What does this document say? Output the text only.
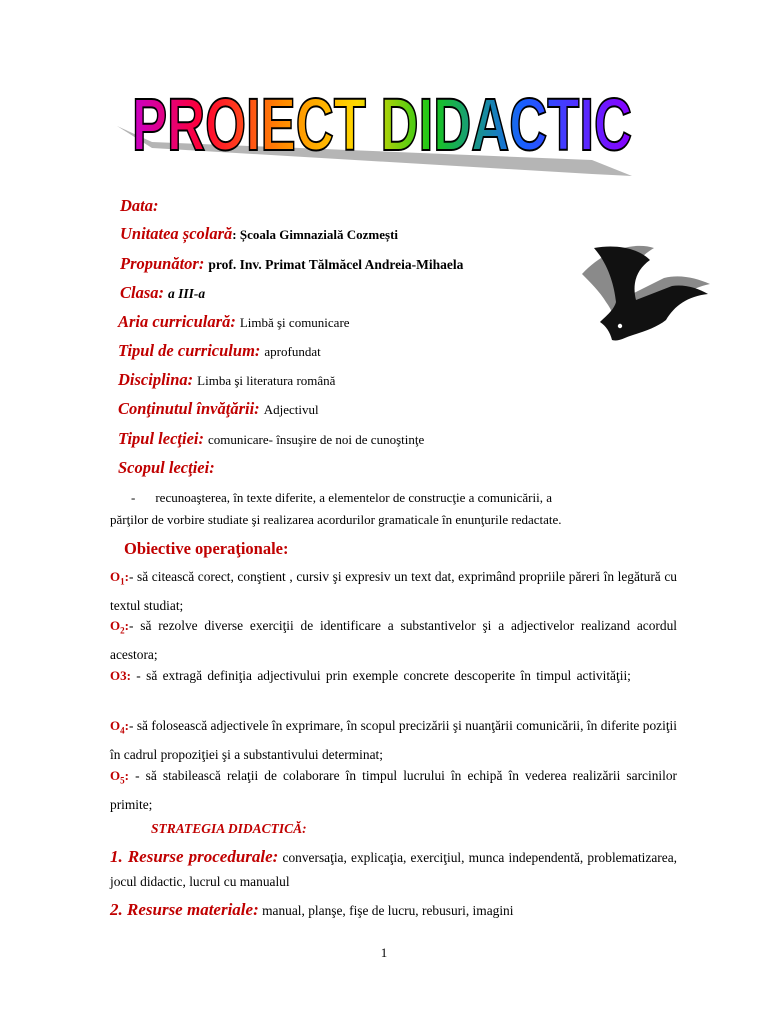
PROIECT DIDACTIC
Data:
Unitatea școlară: Școala Gimnazială Cozmești
Propunător: prof. Inv. Primat Tălmăcel Andreia-Mihaela
Clasa: a III-a
Aria curriculară: Limbă şi comunicare
Tipul de curriculum: aprofundat
Disciplina: Limba şi literatura română
Conţinutul învăţării: Adjectivul
Tipul lecţiei: comunicare- însuşire de noi de cunoştinţe
Scopul lecţiei:
- recunoaşterea, în texte diferite, a elementelor de construcţie a comunicării, a
părţilor de vorbire studiate şi realizarea acordurilor gramaticale în enunţurile redactate.
Obiective operaţionale:
$O_1:-$ să citească corect, conştient , cursiv şi expresiv un text dat, exprimând propriile păreri în legătură cu textul studiat;
$O_2:-$ să rezolve diverse exerciţii de identificare a substantivelor şi a adjectivelor realizand acordul acestora;
O3: - să extragă definiţia adjectivului prin exemple concrete descoperite în timpul activităţii;
$O_4:-$ să folosească adjectivele în exprimare, în scopul precizării şi nuanţării comunicării, în diferite poziţii în cadrul propoziţiei şi a substantivului determinat;
$O_5$: - să stabilească relaţii de colaborare în timpul lucrului în echipă în vederea realizării sarcinilor primite;
STRATEGIA DIDACTICĂ:
1. Resurse procedurale: conversaţia, explicaţia, exerciţiul, munca independentă, problematizarea, jocul didactic, lucrul cu manualul
2. Resurse materiale: manual, planşe, fişe de lucru, rebusuri, imagini
1
